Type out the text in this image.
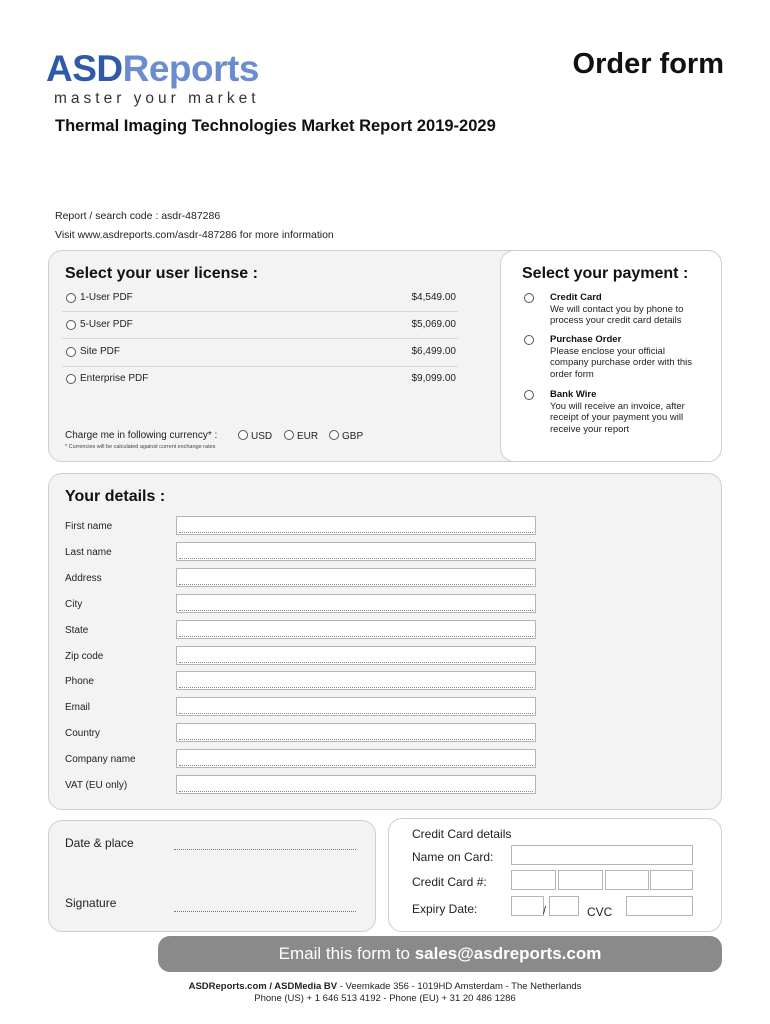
ASDReports
master your market
Order form
Thermal Imaging Technologies Market Report 2019-2029
Report / search code : asdr-487286
Visit www.asdreports.com/asdr-487286 for more information
Select your user license :
1-User PDF	$4,549.00
5-User PDF	$5,069.00
Site PDF	$6,499.00
Enterprise PDF	$9,099.00
Charge me in following currency* :	USD	EUR	GBP
* Currencies will be calculated against current exchange rates
Select your payment :
Credit Card
We will contact you by phone to process your credit card details
Purchase Order
Please enclose your official company purchase order with this order form
Bank Wire
You will receive an invoice, after receipt of your payment you will receive your report
Your details :
First name
Last name
Address
City
State
Zip code
Phone
Email
Country
Company name
VAT (EU only)
Date & place
Signature
Credit Card details
Name on Card:
Credit Card #:
Expiry Date:	/	CVC
Email this form to sales@asdreports.com
ASDReports.com / ASDMedia BV - Veemkade 356 - 1019HD Amsterdam - The Netherlands
Phone (US) + 1 646 513 4192 - Phone (EU) + 31 20 486 1286
